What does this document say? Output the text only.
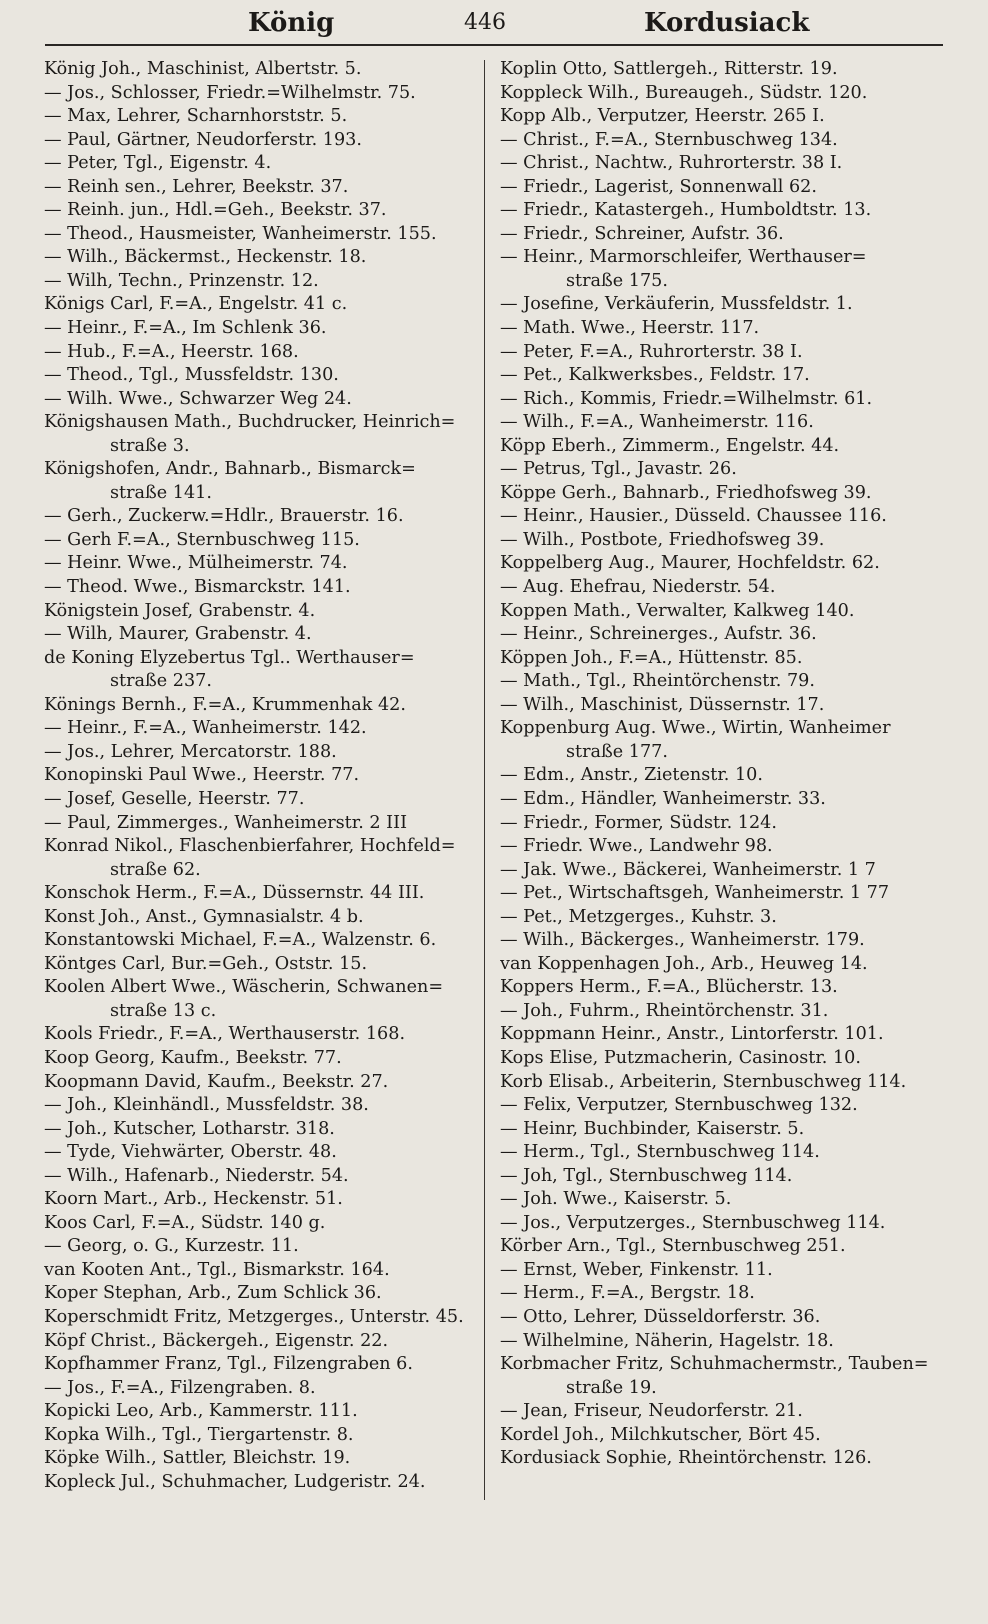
König	446	Kordusiack
König Joh., Maschinist, Albertstr. 5.
— Jos., Schlosser, Friedr.=Wilhelmstr. 75.
— Max, Lehrer, Scharnhorststr. 5.
— Paul, Gärtner, Neudorferstr. 193.
— Peter, Tgl., Eigenstr. 4.
— Reinh sen., Lehrer, Beekstr. 37.
— Reinh. jun., Hdl.=Geh., Beekstr. 37.
— Theod., Hausmeister, Wanheimerstr. 155.
— Wilh., Bäckermst., Heckenstr. 18.
— Wilh, Techn., Prinzenstr. 12.
Königs Carl, F.=A., Engelstr. 41 c.
— Heinr., F.=A., Im Schlenk 36.
— Hub., F.=A., Heerstr. 168.
— Theod., Tgl., Mussfeldstr. 130.
— Wilh. Wwe., Schwarzer Weg 24.
Königshausen Math., Buchdrucker, Heinrich=
straße 3.
Königshofen, Andr., Bahnarb., Bismarck=
straße 141.
— Gerh., Zuckerw.=Hdlr., Brauerstr. 16.
— Gerh F.=A., Sternbuschweg 115.
— Heinr. Wwe., Mülheimerstr. 74.
— Theod. Wwe., Bismarckstr. 141.
Königstein Josef, Grabenstr. 4.
— Wilh, Maurer, Grabenstr. 4.
de Koning Elyzebertus Tgl.. Werthauser=
straße 237.
Könings Bernh., F.=A., Krummenhak 42.
— Heinr., F.=A., Wanheimerstr. 142.
— Jos., Lehrer, Mercatorstr. 188.
Konopinski Paul Wwe., Heerstr. 77.
— Josef, Geselle, Heerstr. 77.
— Paul, Zimmerges., Wanheimerstr. 2 III
Konrad Nikol., Flaschenbierfahrer, Hochfeld=
straße 62.
Konschok Herm., F.=A., Düssernstr. 44 III.
Konst Joh., Anst., Gymnasialstr. 4 b.
Konstantowski Michael, F.=A., Walzenstr. 6.
Köntges Carl, Bur.=Geh., Oststr. 15.
Koolen Albert Wwe., Wäscherin, Schwanen=
straße 13 c.
Kools Friedr., F.=A., Werthauserstr. 168.
Koop Georg, Kaufm., Beekstr. 77.
Koopmann David, Kaufm., Beekstr. 27.
— Joh., Kleinhändl., Mussfeldstr. 38.
— Joh., Kutscher, Lotharstr. 318.
— Tyde, Viehwärter, Oberstr. 48.
— Wilh., Hafenarb., Niederstr. 54.
Koorn Mart., Arb., Heckenstr. 51.
Koos Carl, F.=A., Südstr. 140 g.
— Georg, o. G., Kurzestr. 11.
van Kooten Ant., Tgl., Bismarkstr. 164.
Koper Stephan, Arb., Zum Schlick 36.
Koperschmidt Fritz, Metzgerges., Unterstr. 45.
Köpf Christ., Bäckergeh., Eigenstr. 22.
Kopfhammer Franz, Tgl., Filzengraben 6.
— Jos., F.=A., Filzengraben. 8.
Kopicki Leo, Arb., Kammerstr. 111.
Kopka Wilh., Tgl., Tiergartenstr. 8.
Köpke Wilh., Sattler, Bleichstr. 19.
Kopleck Jul., Schuhmacher, Ludgeristr. 24.
Koplin Otto, Sattlergeh., Ritterstr. 19.
Koppleck Wilh., Bureaugeh., Südstr. 120.
Kopp Alb., Verputzer, Heerstr. 265 I.
— Christ., F.=A., Sternbuschweg 134.
— Christ., Nachtw., Ruhrorterstr. 38 I.
— Friedr., Lagerist, Sonnenwall 62.
— Friedr., Katastergeh., Humboldtstr. 13.
— Friedr., Schreiner, Aufstr. 36.
— Heinr., Marmorschleifer, Werthauser=
straße 175.
— Josefine, Verkäuferin, Mussfeldstr. 1.
— Math. Wwe., Heerstr. 117.
— Peter, F.=A., Ruhrorterstr. 38 I.
— Pet., Kalkwerksbes., Feldstr. 17.
— Rich., Kommis, Friedr.=Wilhelmstr. 61.
— Wilh., F.=A., Wanheimerstr. 116.
Köpp Eberh., Zimmerm., Engelstr. 44.
— Petrus, Tgl., Javastr. 26.
Köppe Gerh., Bahnarb., Friedhofsweg 39.
— Heinr., Hausier., Düsseld. Chaussee 116.
— Wilh., Postbote, Friedhofsweg 39.
Koppelberg Aug., Maurer, Hochfeldstr. 62.
— Aug. Ehefrau, Niederstr. 54.
Koppen Math., Verwalter, Kalkweg 140.
— Heinr., Schreinerges., Aufstr. 36.
Köppen Joh., F.=A., Hüttenstr. 85.
— Math., Tgl., Rheintörchenstr. 79.
— Wilh., Maschinist, Düssernstr. 17.
Koppenburg Aug. Wwe., Wirtin, Wanheimer
straße 177.
— Edm., Anstr., Zietenstr. 10.
— Edm., Händler, Wanheimerstr. 33.
— Friedr., Former, Südstr. 124.
— Friedr. Wwe., Landwehr 98.
— Jak. Wwe., Bäckerei, Wanheimerstr. 1 7
— Pet., Wirtschaftsgeh, Wanheimerstr. 1 77
— Pet., Metzgerges., Kuhstr. 3.
— Wilh., Bäckerges., Wanheimerstr. 179.
van Koppenhagen Joh., Arb., Heuweg 14.
Koppers Herm., F.=A., Blücherstr. 13.
— Joh., Fuhrm., Rheintörchenstr. 31.
Koppmann Heinr., Anstr., Lintorferstr. 101.
Kops Elise, Putzmacherin, Casinostr. 10.
Korb Elisab., Arbeiterin, Sternbuschweg 114.
— Felix, Verputzer, Sternbuschweg 132.
— Heinr, Buchbinder, Kaiserstr. 5.
— Herm., Tgl., Sternbuschweg 114.
— Joh, Tgl., Sternbuschweg 114.
— Joh. Wwe., Kaiserstr. 5.
— Jos., Verputzerges., Sternbuschweg 114.
Körber Arn., Tgl., Sternbuschweg 251.
— Ernst, Weber, Finkenstr. 11.
— Herm., F.=A., Bergstr. 18.
— Otto, Lehrer, Düsseldorferstr. 36.
— Wilhelmine, Näherin, Hagelstr. 18.
Korbmacher Fritz, Schuhmachermstr., Tauben=
straße 19.
— Jean, Friseur, Neudorferstr. 21.
Kordel Joh., Milchkutscher, Bört 45.
Kordusiack Sophie, Rheintörchenstr. 126.
